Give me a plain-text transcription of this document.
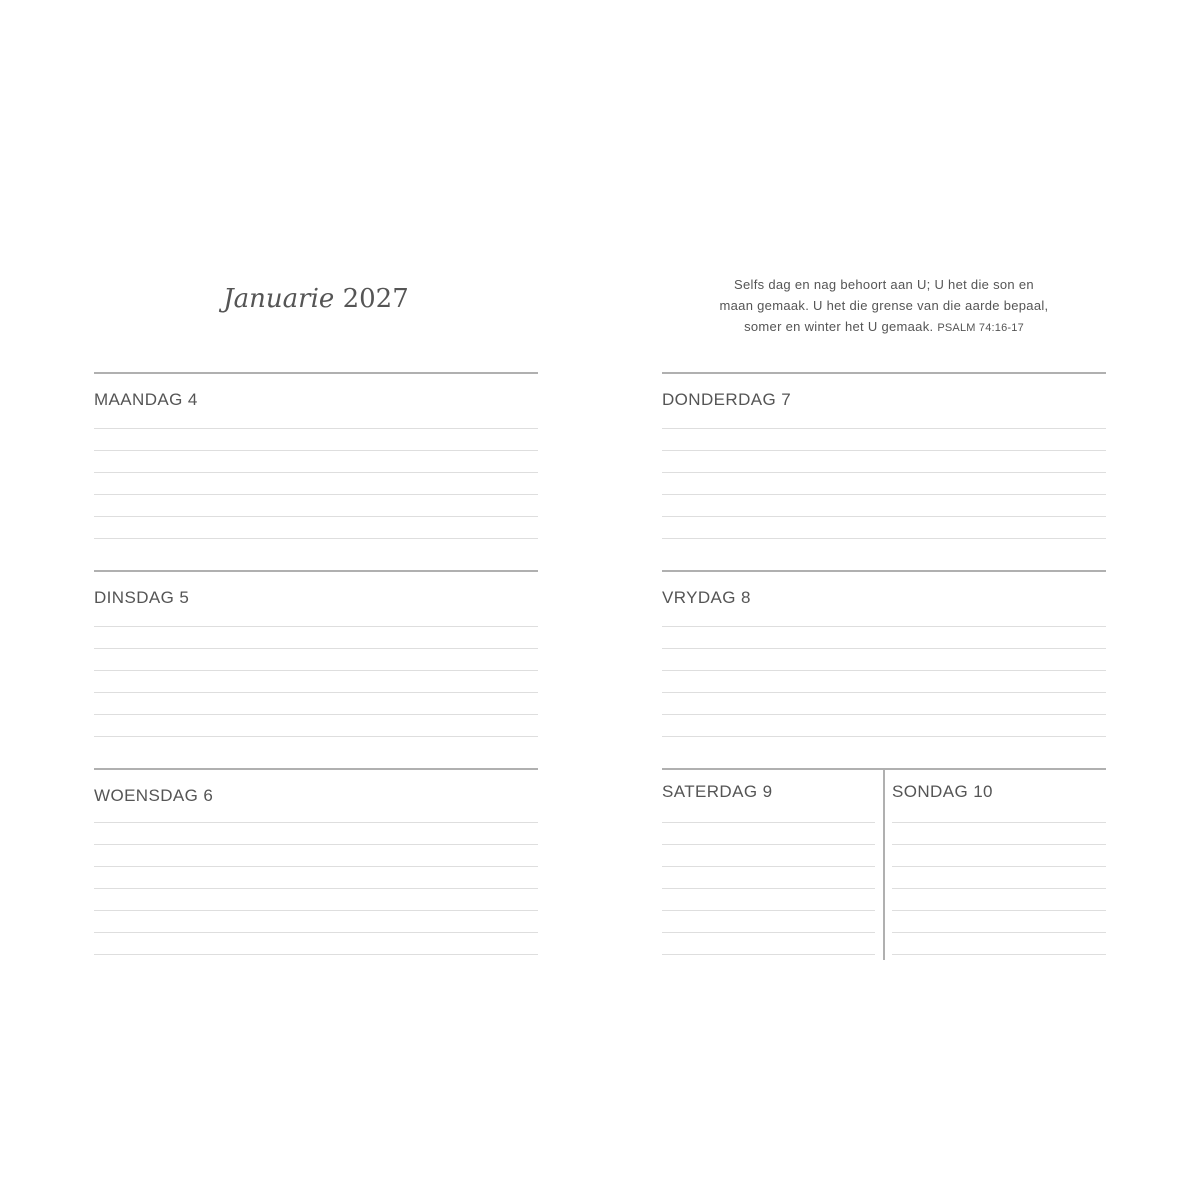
Januarie 2027	Selfs dag en nag behoort aan U; U het die son en
maan gemaak. U het die grense van die aarde bepaal,
somer en winter het U gemaak. PSALM 74:16-17
MAANDAG 4
DINSDAG 5
WOENSDAG 6
DONDERDAG 7
VRYDAG 8
SATERDAG 9	SONDAG 10
